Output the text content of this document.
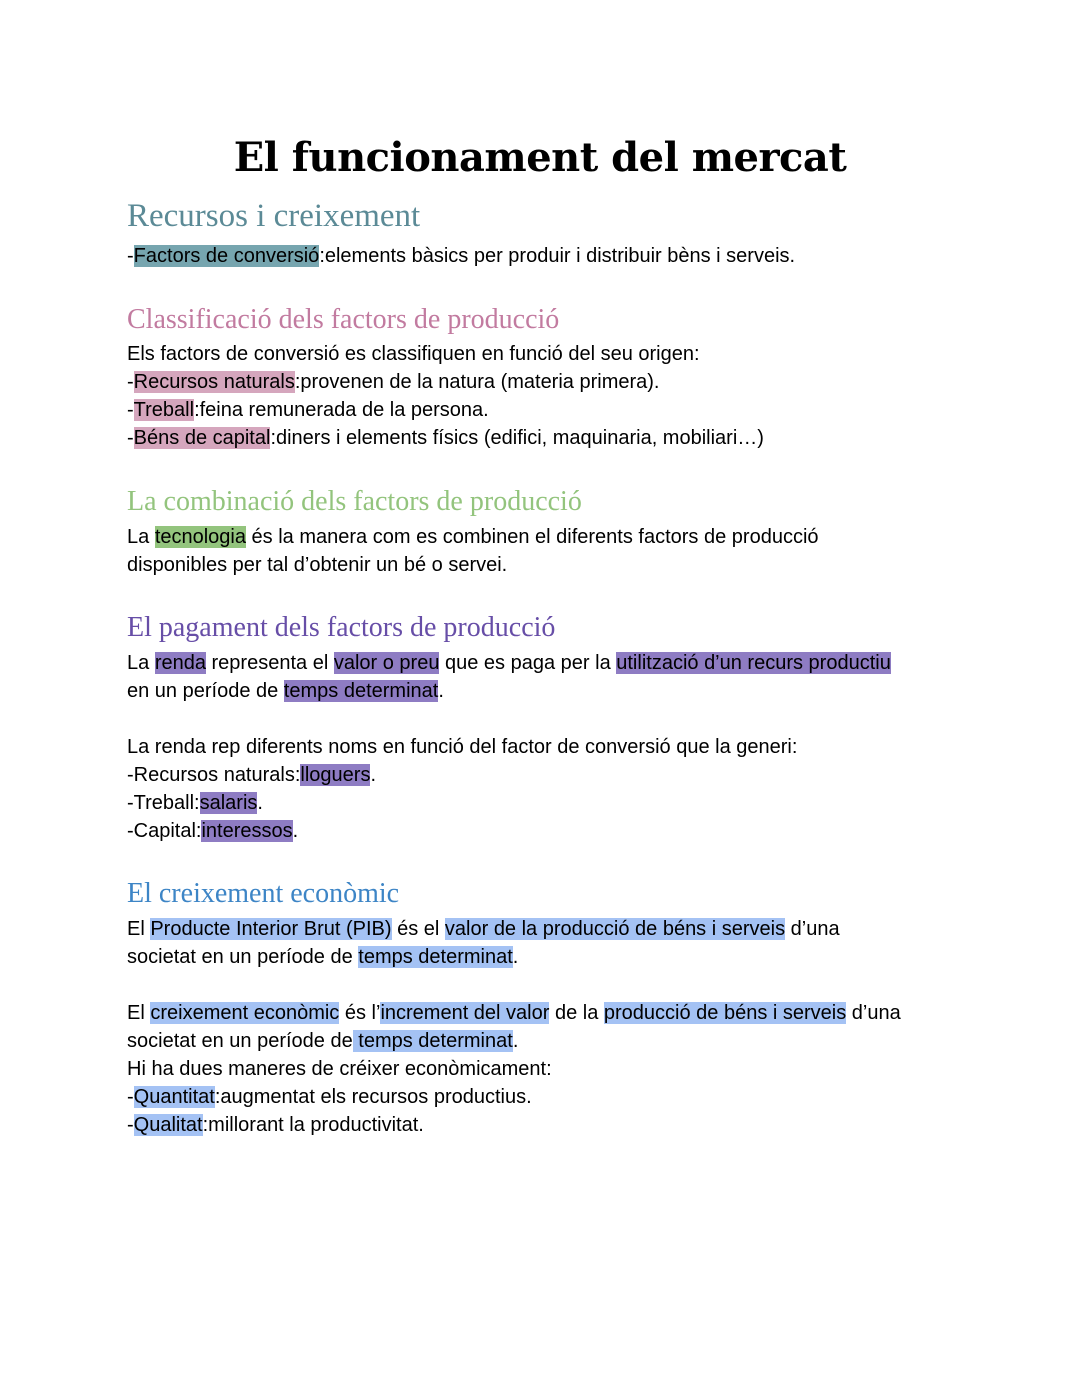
El funcionament del mercat
Recursos i creixement
-Factors de conversió:elements bàsics per produir i distribuir bèns i serveis.
Classificació dels factors de producció
Els factors de conversió es classifiquen en funció del seu origen:
-Recursos naturals:provenen de la natura (materia primera).
-Treball:feina remunerada de la persona.
-Béns de capital:diners i elements físics (edifici, maquinaria, mobiliari…)
La combinació dels factors de producció
La tecnologia és la manera com es combinen el diferents factors de producció
disponibles per tal d’obtenir un bé o servei.
El pagament dels factors de producció
La renda representa el valor o preu que es paga per la utilització d’un recurs productiu
en un període de temps determinat.
La renda rep diferents noms en funció del factor de conversió que la generi:
-Recursos naturals:lloguers.
-Treball:salaris.
-Capital:interessos.
El creixement econòmic
El Producte Interior Brut (PIB) és el valor de la producció de béns i serveis d’una
societat en un període de temps determinat.
El creixement econòmic és l’increment del valor de la producció de béns i serveis d’una
societat en un període de temps determinat.
Hi ha dues maneres de créixer econòmicament:
-Quantitat:augmentat els recursos productius.
-Qualitat:millorant la productivitat.
